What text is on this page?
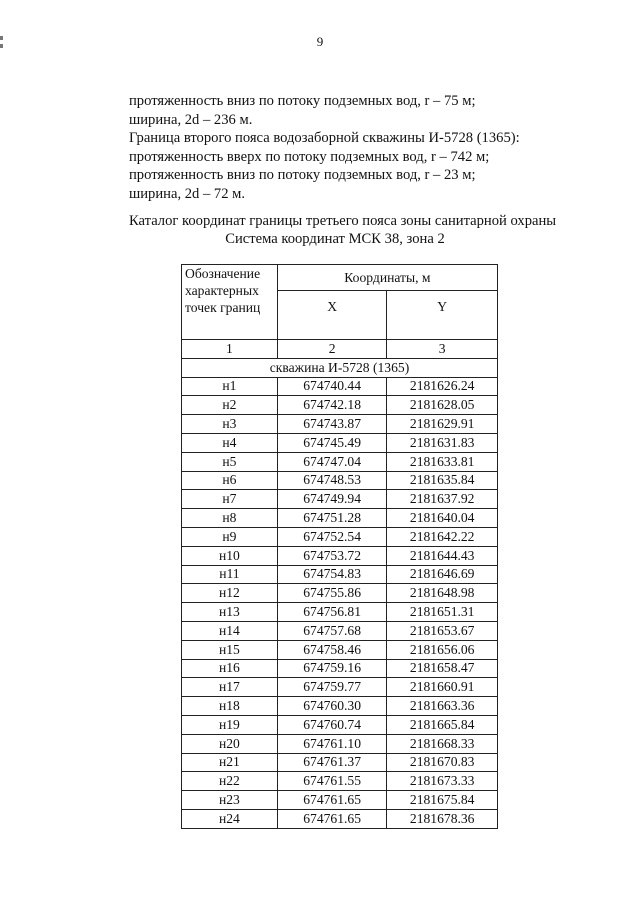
9
протяженность вниз по потоку подземных вод, r – 75 м;
ширина, 2d – 236 м.
Граница второго пояса водозаборной скважины И-5728 (1365):
протяженность вверх по потоку подземных вод, r – 742 м;
протяженность вниз по потоку подземных вод, r – 23 м;
ширина, 2d – 72 м.
Каталог координат границы третьего пояса зоны санитарной охраны
Система координат МСК 38, зона 2
Обозначение характерных точек границ	Координаты, м	
	X	Y
1	2	3
скважина И-5728 (1365)		
н1	674740.44	2181626.24
н2	674742.18	2181628.05
н3	674743.87	2181629.91
н4	674745.49	2181631.83
н5	674747.04	2181633.81
н6	674748.53	2181635.84
н7	674749.94	2181637.92
н8	674751.28	2181640.04
н9	674752.54	2181642.22
н10	674753.72	2181644.43
н11	674754.83	2181646.69
н12	674755.86	2181648.98
н13	674756.81	2181651.31
н14	674757.68	2181653.67
н15	674758.46	2181656.06
н16	674759.16	2181658.47
н17	674759.77	2181660.91
н18	674760.30	2181663.36
н19	674760.74	2181665.84
н20	674761.10	2181668.33
н21	674761.37	2181670.83
н22	674761.55	2181673.33
н23	674761.65	2181675.84
н24	674761.65	2181678.36
